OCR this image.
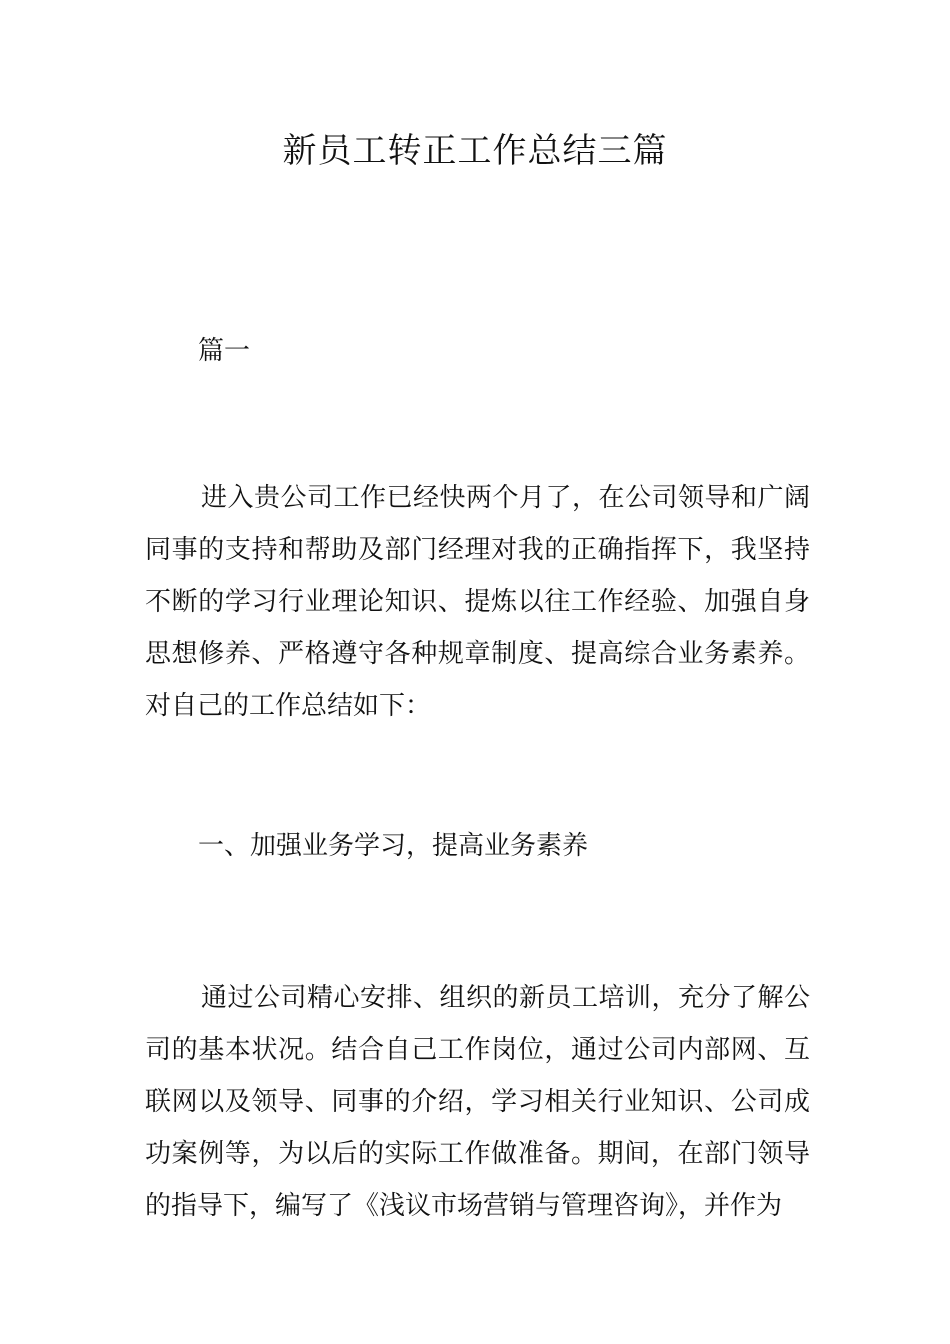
新员工转正工作总结三篇
篇一
进入贵公司工作已经快两个月了，在公司领导和广阔同事的支持和帮助及部门经理对我的正确指挥下，我坚持不断的学习行业理论知识、提炼以往工作经验、加强自身思想修养、严格遵守各种规章制度、提高综合业务素养。对自己的工作总结如下：
一、加强业务学习，提高业务素养
通过公司精心安排、组织的新员工培训，充分了解公司的基本状况。结合自己工作岗位，通过公司内部网、互联网以及领导、同事的介绍，学习相关行业知识、公司成功案例等，为以后的实际工作做准备。期间，在部门领导的指导下，编写了《浅议市场营销与管理咨询》，并作为
